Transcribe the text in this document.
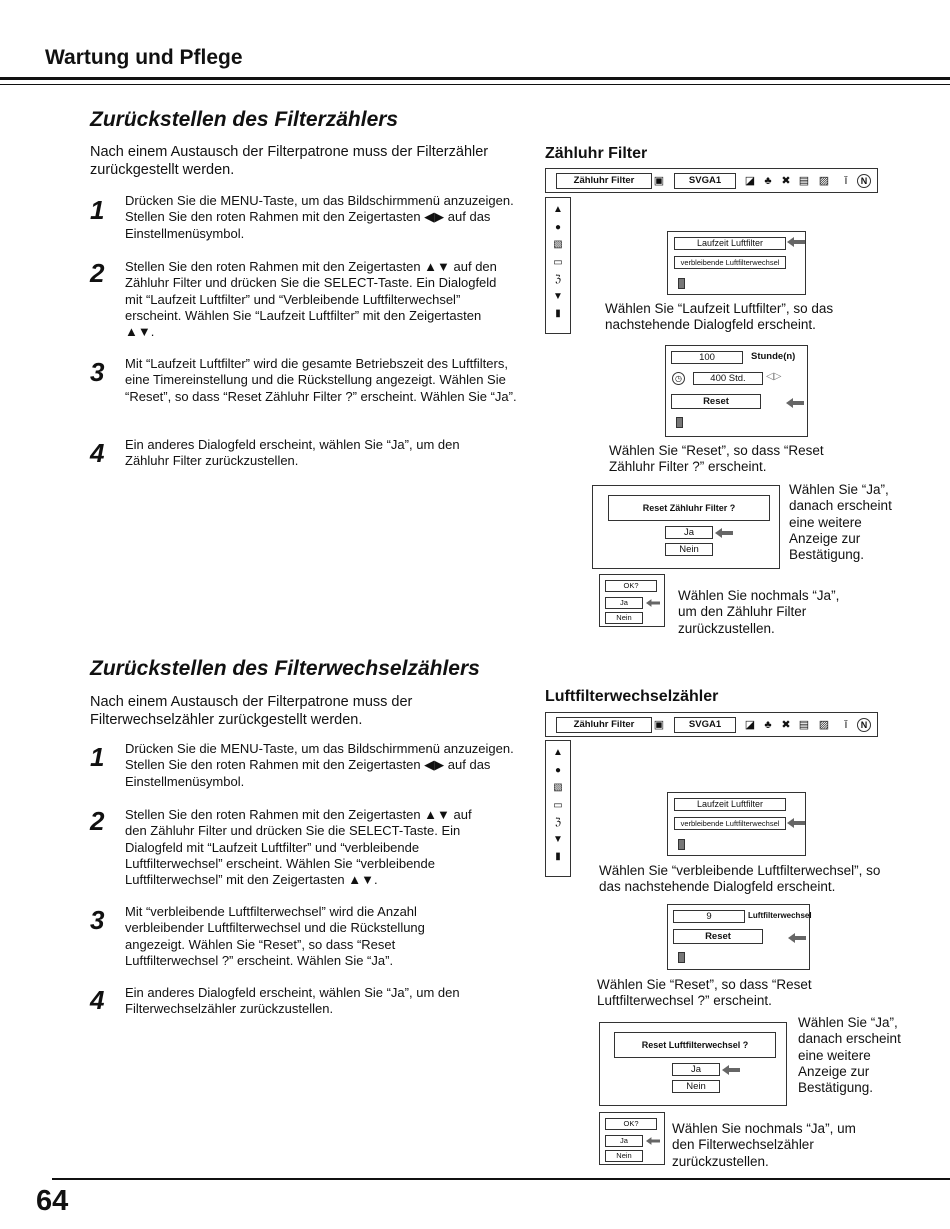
Wartung und Pflege
Zurückstellen des Filterzählers
Nach einem Austausch der Filterpatrone muss der Filterzähler zurückgestellt werden.
1	Drücken Sie die MENU-Taste, um das Bildschirmmenü anzuzeigen. Stellen Sie den roten Rahmen mit den Zeigertasten ◀▶ auf das Einstellmenüsymbol.
2	Stellen Sie den roten Rahmen mit den Zeigertasten ▲▼ auf den Zähluhr Filter und drücken Sie die SELECT-Taste. Ein Dialogfeld mit “Laufzeit Luftfilter” und “Verbleibende Luftfilterwechsel” erscheint. Wählen Sie “Laufzeit Luftfilter” mit den Zeigertasten ▲▼.
3	Mit “Laufzeit Luftfilter” wird die gesamte Betriebszeit des Luftfilters, eine Timereinstellung und die Rückstellung angezeigt. Wählen Sie “Reset”, so dass “Reset Zähluhr Filter ?” erscheint. Wählen Sie “Ja”.
4	Ein anderes Dialogfeld erscheint, wählen Sie “Ja”, um den Zähluhr Filter zurückzustellen.
Zähluhr Filter
Zähluhr Filter	▣	SVGA1	◪ ♣ ✖ ▤ ▨	ǐ	N
▲
●
▧
▭
ℨ
▼
▮
Laufzeit Luftfilter
verbleibende Luftfilterwechsel
Wählen Sie “Laufzeit Luftfilter”, so das nachstehende Dialogfeld erscheint.
100	Stunde(n)
◷	400 Std.	◁▷
Reset
Wählen Sie “Reset”, so dass “Reset Zähluhr Filter ?” erscheint.
Reset Zähluhr Filter ?
Ja
Nein
Wählen Sie “Ja”, danach erscheint eine weitere Anzeige zur Bestätigung.
OK?
Ja
Nein
Wählen Sie nochmals “Ja”, um den Zähluhr Filter zurückzustellen.
Zurückstellen des Filterwechselzählers
Nach einem Austausch der Filterpatrone muss der Filterwechselzähler zurückgestellt werden.
1	Drücken Sie die MENU-Taste, um das Bildschirmmenü anzuzeigen. Stellen Sie den roten Rahmen mit den Zeigertasten ◀▶ auf das Einstellmenüsymbol.
2	Stellen Sie den roten Rahmen mit den Zeigertasten ▲▼ auf den Zähluhr Filter und drücken Sie die SELECT-Taste. Ein Dialogfeld mit “Laufzeit Luftfilter” und “verbleibende Luftfilterwechsel” erscheint. Wählen Sie “verbleibende Luftfilterwechsel” mit den Zeigertasten ▲▼.
3	Mit “verbleibende Luftfilterwechsel” wird die Anzahl verbleibender Luftfilterwechsel und die Rückstellung angezeigt. Wählen Sie “Reset”, so dass “Reset Luftfilterwechsel ?” erscheint. Wählen Sie “Ja”.
4	Ein anderes Dialogfeld erscheint, wählen Sie “Ja”, um den Filterwechselzähler zurückzustellen.
Luftfilterwechselzähler
Zähluhr Filter	▣	SVGA1	◪ ♣ ✖ ▤ ▨	ǐ	N
▲
●
▧
▭
ℨ
▼
▮
Laufzeit Luftfilter
verbleibende Luftfilterwechsel
Wählen Sie “verbleibende Luftfilterwechsel”, so das nachstehende Dialogfeld erscheint.
9	Luftfilterwechsel
Reset
Wählen Sie “Reset”, so dass “Reset Luftfilterwechsel ?” erscheint.
Reset Luftfilterwechsel ?
Ja
Nein
Wählen Sie “Ja”, danach erscheint eine weitere Anzeige zur Bestätigung.
OK?
Ja
Nein
Wählen Sie nochmals “Ja”, um den Filterwechselzähler zurückzustellen.
64
